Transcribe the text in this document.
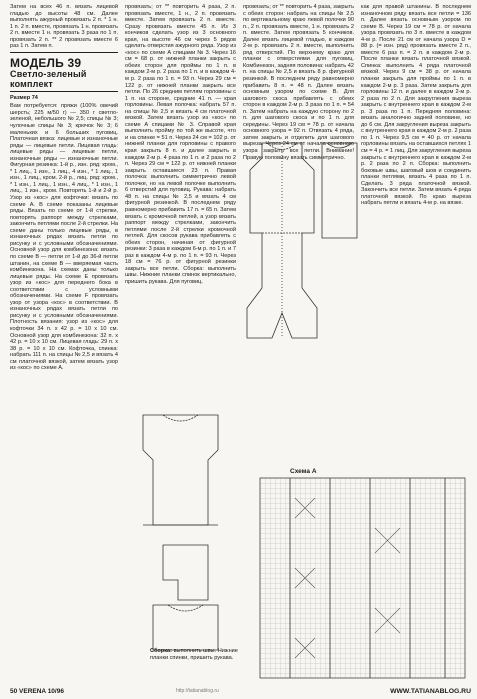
Затем на всех 46 п. вязать лицевой гладью до высоты 48 см. Далее выполнять ажурный провязать 2 п. * 1 н. 1 п. 2 п. вместе, провязать 1 н. провязать 2 п. вместе 1 н. провязать 3 раза по 1 п. провязать 2 п. ** 2 провязать вместе 6 раз 1 п. Затем п.

МОДЕЛЬ 39
Светло-зеленый комплект
Размер 74

Вам потребуется: пряжи (100% овечий шерсть; 225 м/50 г) — 350 г светло-зеленой, небольшого № 2,5; спицы № 3; чулочные спицы № 3; крючок № 3; 6 маленьких и 6 больших пуговиц. Платочная вязка: лицевые и изнаночные ряды — лицевые петли. Лицевая гладь: лицевые ряды — лицевые петли, изнаночные ряды — изнаночные петли. Фигурная резинка: 1-й р., изн. ряд: кром., * 1 лиц., 1 изн., 1 лиц., 4 изн., * 1 лиц., 1 изн., 1 лиц., кром. 2-й р., лиц. ряд: кром., * 1 изн., 1 лиц., 1 изн., 4 лиц., * 1 изн., 1 лиц., 1 изн., кром. Повторять 1-й и 2-й р. Узор из «кос» для кофточки: вязать по схеме А. В схеме показаны лицевые ряды. Вязать по схеме от 1-й стрелки, повторять раппорт между стрелками, закончить петлями после 2-й стрелки. На схеме даны только лицевые ряды, в изнаночных рядах вязать петли по рисунку и с условными обозначениями. Основной узор для комбинезона: вязать по схеме В — петли от 1-й до 36-й петли штанин, на схеме В — вверяемая часть комбинезона. На схемах даны только лицевые ряды. На схеме Е провязать узор из «кос» для переднего бока в соответствии с условными обозначениями. На схеме F провязать узор от узора «кос» в соответствии. В изнаночных рядах вязать петли по рисунку и с условными обозначениями. Плотность вязания: узор из «кос» для кофточки 34 п. x 42 р. = 10 x 10 см. Основной узор для комбинезона: 32 п. x 42 р. = 10 x 10 см. Лицевая гладь: 29 п. x 38 р. = 10 x 10 см. Кофточка, спинка: набрать 111 п. на спицы № 2,5 и вязать 4 см платочной вязкой, затем вязать узор из «кос» по схеме А.

провязать; от ** повторить 4 раза, 2 п. провязать вместе, 1 н., 2 п. провязать вместе. Затем провязать 2 п. вместе. Сразу провязать вместе 45 п. Из 3 кончиков сделать узор из 3 основного края, на высоте 46 см через 5 рядов сделать отверстия ажурного ряда. Узор из «кос» по схеме А спицами № 3. Через 16 см = 68 р. от нижней планки закрыть с обеих сторон для проймы по 1 п. в каждом 2-м р. 2 раза по 1 п. и в каждом 4-м р. 2 раза по 1 п. = 93 п. Через 29 см = 122 р. от нижней планки закрыть все петли. По 26 средним петлям горловины с 1 п. на стороне, средние 41 п. — края горловины. Левая полочка: набрать 57 п. на спицы № 2,5 и вязать 4 см платочной вязкой. Затем вязать узор из «кос» по схеме А спицами № 3. Справой края выполнить пройму по той же высоте, что и на спинке = 51 п. Через 24 см = 102 р. от нижней планки для горловины с правого края закрыть 8 п. и далее закрыть в каждом 2-м р. 4 раза по 1 п. и 2 раза по 2 п. Через 29 см = 122 р. от нижней планки закрыть оставшиеся 23 п. Правая полочка: выполнить симметрично левой полочке, но на левой полочке выполнить 6 отверстий для пуговиц. Рукава: набрать 48 п. на спицы № 2,5 и вязать 4 см фигурной резинкой. В последнем ряду равномерно прибавить 17 п. = 65 п. Затем вязать с кромочной петлей, а узор вязать раппорт между стрелками, закончить петлями после 2-й стрелки кромочной петлей. Для скосов рукава прибавлять с обеих сторон, начиная от фигурной резинки: 3 раза в каждом 6-м р. по 1 п. и 7 раз в каждом 4-м р. по 1 п. = 93 п. Через 18 см = 76 р. от фигурной резинки закрыть все петли. Сборка: выполнить швы. Нижние планки спинок вертикально, пришить рукава. Для пуговиц.

провязать; от ** повторить 4 раза, закрыть с обеих сторон: набрать на спицы № 2,5 по вертикальному краю левой полочки 90 п., 2 п. провязать вместе, 1 н. провязать 2 п. вместе. Затем провязать 5 кончиков. Далее вязать лицевой гладью, в каждом 2-м р. провязать 2 п. вместе, выполнить ряд отверстий. По верхнему краю для планки с отверстиями для пуговиц. Комбинезон, задняя половина: набрать 42 п. на спицы № 2,5 и вязать 8 р. фигурной резинкой. В последнем ряду равномерно прибавить 8 п. = 48 п. Далее вязать основным узором по схеме В. Для шагового скоса прибавлять с обеих сторон в каждом 2-м р. 3 раза по 1 п. = 54 п. Затем набрать на каждую сторону по 2 п. для шагового скоса и по 1 п. для середины. Через 19 см = 78 р. от начала основного узора = 92 п. Отвязать 4 ряда, затем закрыть и отделить для шагового выреза. Через 24 см от начала основного узора закрыть все петли. Внимание! Правую половину вязать симметрично.

как для правой штанины. В последнем изнаночном ряду вязать все петли = 136 п. Далее вязать основным узором по схеме В. Через 19 см = 78 р. от начала узора провязать по 3 п. вместе в каждом 4-м р. После 21 см от начала узора D = 88 р. (= изн. ряд) провязать вместе 2 п., вместе 6 раз п. = 2 п. в каждом 2-м р. После планки вязать платочной вязкой. Спинка: выполнить 4 ряда платочной вязкой. Через 9 см = 38 р. от начала планки закрыть для проймы по 1 п. в каждом 2-м р. 3 раза. Затем закрыть для горловины 12 п. и далее в каждом 2-м р. 2 раза по 2 п. Для закругления выреза закрыть с внутреннего края в каждом 2-м р. 3 раза по 1 п. Передняя половина: вязать аналогично задней половине, но до 6 см. Для закругления выреза закрыть с внутреннего края в каждом 2-м р. 2 раза по 1 п. Через 9,5 см = 40 р. от начала горловины вязать на оставшихся петлях 1 см = 4 р. = 1 лиц. Для закругления выреза закрыть с внутреннего края в каждом 2-м р. 2 раза по 2 п. Сборка: выполнить боковые швы, шаговый шов и соединить планки петлями, вязать 4 раза по 1 п. Сделать 3 ряда платочной вязкой. Закончить все петли. Затем вязать 4 ряда платочной вязкой. По краю выреза набрать петли и вязать 4-м р. на вязке.

Сборка: выполнить швы. Нижние планки спинки, пришить рукава.
Схема А
http://tatianablog.ru
50 VERENA 10/96	WWW.TATIANABLOG.RU
